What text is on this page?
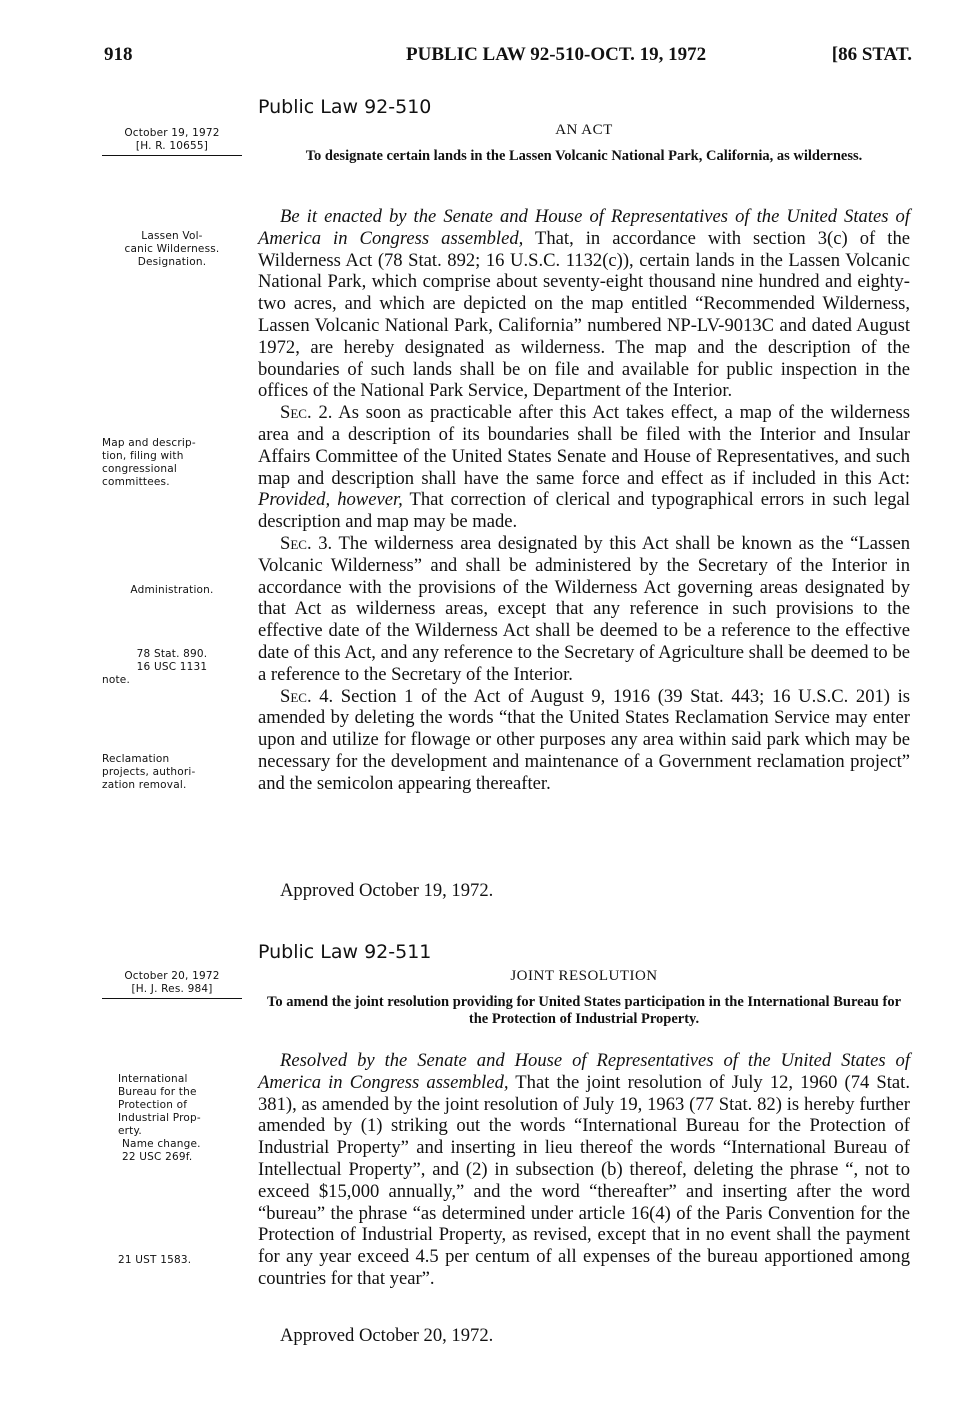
918	PUBLIC LAW 92-510-OCT. 19, 1972	[86 STAT.
Public Law 92-510
October 19, 1972
[H. R. 10655]
AN ACT
To designate certain lands in the Lassen Volcanic National Park, California, as wilderness.
Lassen Vol-
canic Wilderness.
Designation.
Map and descrip-
tion, filing with
congressional
committees.
Administration.
78 Stat. 890.
16 USC 1131
note.
Reclamation
projects, authori-
zation removal.

Be it enacted by the Senate and House of Representatives of the United States of America in Congress assembled, That, in accordance with section 3(c) of the Wilderness Act (78 Stat. 892; 16 U.S.C. 1132(c)), certain lands in the Lassen Volcanic National Park, which comprise about seventy-eight thousand nine hundred and eighty-two acres, and which are depicted on the map entitled “Recommended Wilderness, Lassen Volcanic National Park, California” numbered NP-LV-9013C and dated August 1972, are hereby designated as wilderness. The map and the description of the boundaries of such lands shall be on file and available for public inspection in the offices of the National Park Service, Department of the Interior.

Sec. 2. As soon as practicable after this Act takes effect, a map of the wilderness area and a description of its boundaries shall be filed with the Interior and Insular Affairs Committee of the United States Senate and House of Representatives, and such map and description shall have the same force and effect as if included in this Act: Provided, however, That correction of clerical and typographical errors in such legal description and map may be made.

Sec. 3. The wilderness area designated by this Act shall be known as the “Lassen Volcanic Wilderness” and shall be administered by the Secretary of the Interior in accordance with the provisions of the Wilderness Act governing areas designated by that Act as wilderness areas, except that any reference in such provisions to the effective date of the Wilderness Act shall be deemed to be a reference to the effective date of this Act, and any reference to the Secretary of Agriculture shall be deemed to be a reference to the Secretary of the Interior.

Sec. 4. Section 1 of the Act of August 9, 1916 (39 Stat. 443; 16 U.S.C. 201) is amended by deleting the words “that the United States Reclamation Service may enter upon and utilize for flowage or other purposes any area within said park which may be necessary for the development and maintenance of a Government reclamation project” and the semicolon appearing thereafter.

Approved October 19, 1972.
Public Law 92-511
October 20, 1972
[H. J. Res. 984]
JOINT RESOLUTION
To amend the joint resolution providing for United States participation in the International Bureau for the Protection of Industrial Property.
International
Bureau for the
Protection of
Industrial Prop-
erty.
Name change.
22 USC 269f.
21 UST 1583.

Resolved by the Senate and House of Representatives of the United States of America in Congress assembled, That the joint resolution of July 12, 1960 (74 Stat. 381), as amended by the joint resolution of July 19, 1963 (77 Stat. 82) is hereby further amended by (1) striking out the words “International Bureau for the Protection of Industrial Property” and inserting in lieu thereof the words “International Bureau of Intellectual Property”, and (2) in subsection (b) thereof, deleting the phrase “, not to exceed $15,000 annually,” and the word “thereafter” and inserting after the word “bureau” the phrase “as determined under article 16(4) of the Paris Convention for the Protection of Industrial Property, as revised, except that in no event shall the payment for any year exceed 4.5 per centum of all expenses of the bureau apportioned among countries for that year”.

Approved October 20, 1972.
